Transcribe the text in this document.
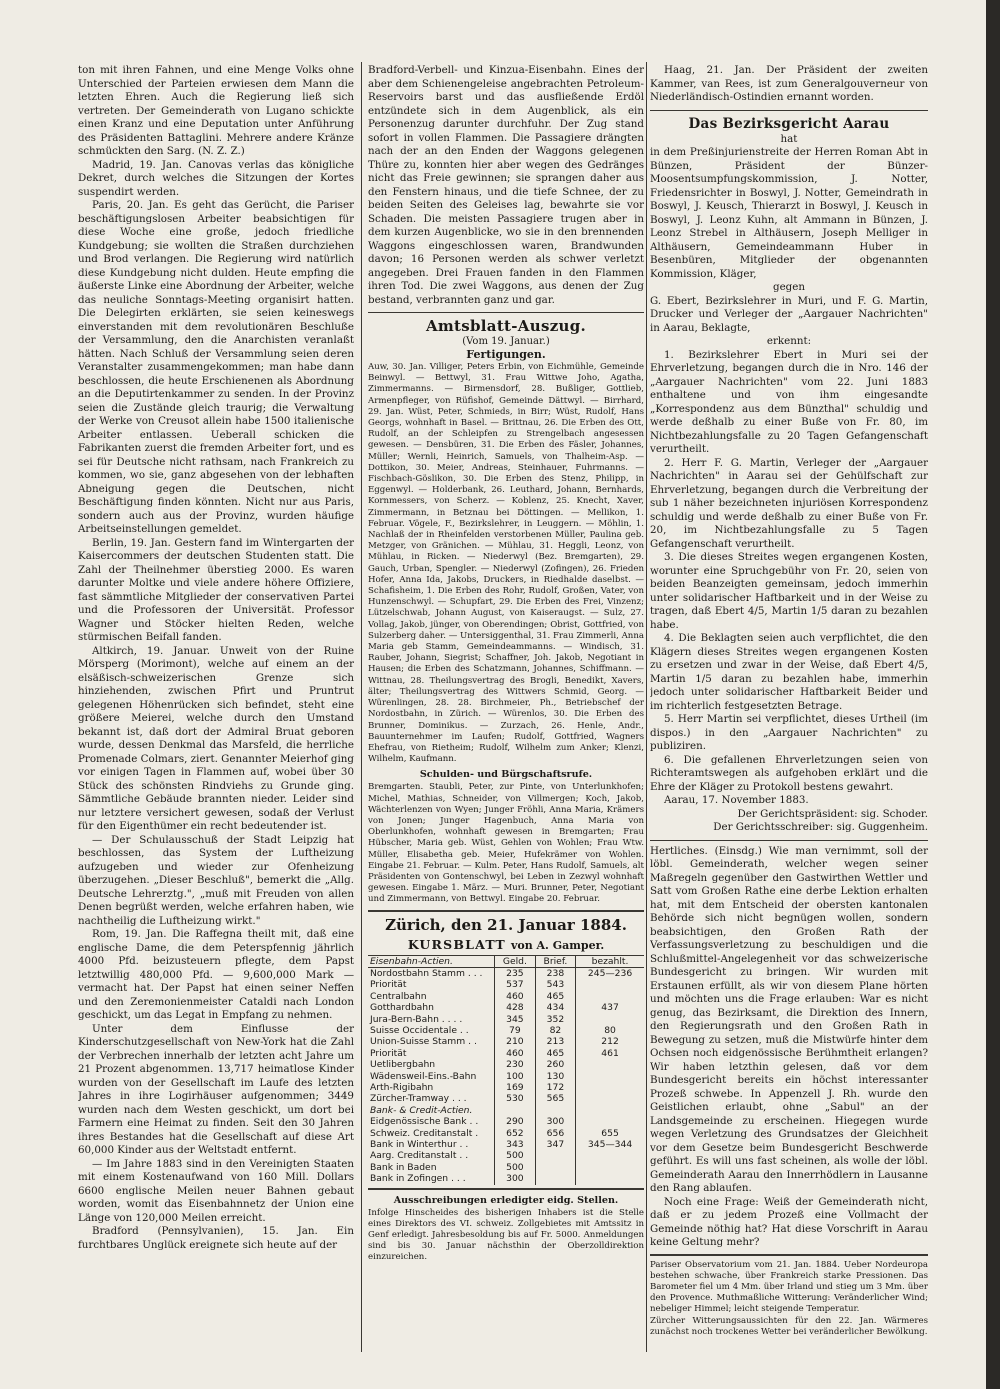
ton mit ihren Fahnen, und eine Menge Volks ohne Unterschied der Parteien erwiesen dem Mann die letzten Ehren. Auch die Regierung ließ sich vertreten. Der Gemeinderath von Lugano schickte einen Kranz und eine Deputation unter Anführung des Präsidenten Battaglini. Mehrere andere Kränze schmückten den Sarg. (N. Z. Z.)

Madrid, 19. Jan. Canovas verlas das königliche Dekret, durch welches die Sitzungen der Kortes suspendirt werden.

Paris, 20. Jan. Es geht das Gerücht, die Pariser beschäftigungslosen Arbeiter beabsichtigen für diese Woche eine große, jedoch friedliche Kundgebung; sie wollten die Straßen durchziehen und Brod verlangen. Die Regierung wird natürlich diese Kundgebung nicht dulden. Heute empfing die äußerste Linke eine Abordnung der Arbeiter, welche das neuliche Sonntags-Meeting organisirt hatten. Die Delegirten erklärten, sie seien keineswegs einverstanden mit dem revolutionären Beschluße der Versammlung, den die Anarchisten veranlaßt hätten. Nach Schluß der Versammlung seien deren Veranstalter zusammengekommen; man habe dann beschlossen, die heute Erschienenen als Abordnung an die Deputirtenkammer zu senden. In der Provinz seien die Zustände gleich traurig; die Verwaltung der Werke von Creusot allein habe 1500 italienische Arbeiter entlassen. Ueberall schicken die Fabrikanten zuerst die fremden Arbeiter fort, und es sei für Deutsche nicht rathsam, nach Frankreich zu kommen, wo sie, ganz abgesehen von der lebhaften Abneigung gegen die Deutschen, nicht Beschäftigung finden könnten. Nicht nur aus Paris, sondern auch aus der Provinz, wurden häufige Arbeitseinstellungen gemeldet.

Berlin, 19. Jan. Gestern fand im Wintergarten der Kaisercommers der deutschen Studenten statt. Die Zahl der Theilnehmer überstieg 2000. Es waren darunter Moltke und viele andere höhere Offiziere, fast sämmtliche Mitglieder der conservativen Partei und die Professoren der Universität. Professor Wagner und Stöcker hielten Reden, welche stürmischen Beifall fanden.

Altkirch, 19. Januar. Unweit von der Ruine Mörsperg (Morimont), welche auf einem an der elsäßisch-schweizerischen Grenze sich hinziehenden, zwischen Pfirt und Pruntrut gelegenen Höhenrücken sich befindet, steht eine größere Meierei, welche durch den Umstand bekannt ist, daß dort der Admiral Bruat geboren wurde, dessen Denkmal das Marsfeld, die herrliche Promenade Colmars, ziert. Genannter Meierhof ging vor einigen Tagen in Flammen auf, wobei über 30 Stück des schönsten Rindviehs zu Grunde ging. Sämmtliche Gebäude brannten nieder. Leider sind nur letztere versichert gewesen, sodaß der Verlust für den Eigenthümer ein recht bedeutender ist.

— Der Schulausschuß der Stadt Leipzig hat beschlossen, das System der Luftheizung aufzugeben und wieder zur Ofenheizung überzugehen. „Dieser Beschluß", bemerkt die „Allg. Deutsche Lehrerztg.", „muß mit Freuden von allen Denen begrüßt werden, welche erfahren haben, wie nachtheilig die Luftheizung wirkt."

Rom, 19. Jan. Die Raffegna theilt mit, daß eine englische Dame, die dem Peterspfennig jährlich 4000 Pfd. beizusteuern pflegte, dem Papst letztwillig 480,000 Pfd. — 9,600,000 Mark — vermacht hat. Der Papst hat einen seiner Neffen und den Zeremonienmeister Cataldi nach London geschickt, um das Legat in Empfang zu nehmen.

Unter dem Einflusse der Kinderschutzgesellschaft von New-York hat die Zahl der Verbrechen innerhalb der letzten acht Jahre um 21 Prozent abgenommen. 13,717 heimatlose Kinder wurden von der Gesellschaft im Laufe des letzten Jahres in ihre Logirhäuser aufgenommen; 3449 wurden nach dem Westen geschickt, um dort bei Farmern eine Heimat zu finden. Seit den 30 Jahren ihres Bestandes hat die Gesellschaft auf diese Art 60,000 Kinder aus der Weltstadt entfernt.

— Im Jahre 1883 sind in den Vereinigten Staaten mit einem Kostenaufwand von 160 Mill. Dollars 6600 englische Meilen neuer Bahnen gebaut worden, womit das Eisenbahnnetz der Union eine Länge von 120,000 Meilen erreicht.

Bradford (Pennsylvanien), 15. Jan. Ein furchtbares Unglück ereignete sich heute auf der

Bradford-Verbell- und Kinzua-Eisenbahn. Eines der aber dem Schienengeleise angebrachten Petroleum-Reservoirs barst und das ausfließende Erdöl entzündete sich in dem Augenblick, als ein Personenzug darunter durchfuhr. Der Zug stand sofort in vollen Flammen. Die Passagiere drängten nach der an den Enden der Waggons gelegenen Thüre zu, konnten hier aber wegen des Gedränges nicht das Freie gewinnen; sie sprangen daher aus den Fenstern hinaus, und die tiefe Schnee, der zu beiden Seiten des Geleises lag, bewahrte sie vor Schaden. Die meisten Passagiere trugen aber in dem kurzen Augenblicke, wo sie in den brennenden Waggons eingeschlossen waren, Brandwunden davon; 16 Personen werden als schwer verletzt angegeben. Drei Frauen fanden in den Flammen ihren Tod. Die zwei Waggons, aus denen der Zug bestand, verbrannten ganz und gar.

Amtsblatt-Auszug.
(Vom 19. Januar.)
Fertigungen.

Auw, 30. Jan. Villiger, Peters Erbin, von Eichmühle, Gemeinde Beinwyl. — Bettwyl, 31. Frau Wittwe Joho, Agatha, Zimmermanns. — Birmensdorf, 28. Bußliger, Gottlieb, Armenpfleger, von Rüfishof, Gemeinde Dättwyl. — Birrhard, 29. Jan. Wüst, Peter, Schmieds, in Birr; Wüst, Rudolf, Hans Georgs, wohnhaft in Basel. — Brittnau, 26. Die Erben des Ott, Rudolf, an der Schleipfen zu Strengelbach angesessen gewesen. — Densbüren, 31. Die Erben des Fäsler, Johannes, Müller; Wernli, Heinrich, Samuels, von Thalheim-Asp. — Dottikon, 30. Meier, Andreas, Steinhauer, Fuhrmanns. — Fischbach-Göslikon, 30. Die Erben des Stenz, Philipp, in Eggenwyl. — Holderbank, 26. Leuthard, Johann, Bernhards, Kornmessers, von Scherz. — Koblenz, 25. Knecht, Xaver, Zimmermann, in Betznau bei Döttingen. — Mellikon, 1. Februar. Vögele, F., Bezirkslehrer, in Leuggern. — Möhlin, 1. Nachlaß der in Rheinfelden verstorbenen Müller, Paulina geb. Metzger, von Gränichen. — Mühlau, 31. Heggli, Leonz, von Mühlau, in Ricken. — Niederwyl (Bez. Bremgarten), 29. Gauch, Urban, Spengler. — Niederwyl (Zofingen), 26. Frieden Hofer, Anna Ida, Jakobs, Druckers, in Riedhalde daselbst. — Schafisheim, 1. Die Erben des Rohr, Rudolf, Großen, Vater, von Hunzenschwyl. — Schupfart, 29. Die Erben des Frei, Vinzenz; Lützelschwab, Johann August, von Kaiseraugst. — Sulz, 27. Vollag, Jakob, jünger, von Oberendingen; Obrist, Gottfried, von Sulzerberg daher. — Untersiggenthal, 31. Frau Zimmerli, Anna Maria geb Stamm, Gemeindeammanns. — Windisch, 31. Rauber, Johann, Siegrist; Schaffner, Joh. Jakob, Negotiant in Hausen; die Erben des Schatzmann, Johannes, Schiffmann. — Wittnau, 28. Theilungsvertrag des Brogli, Benedikt, Xavers, älter; Theilungsvertrag des Wittwers Schmid, Georg. — Würenlingen, 28. 28. Birchmeier, Ph., Betriebschef der Nordostbahn, in Zürich. — Würenlos, 30. Die Erben des Brunner, Dominikus. — Zurzach, 26. Henle, Andr., Bauunternehmer im Laufen; Rudolf, Gottfried, Wagners Ehefrau, von Rietheim; Rudolf, Wilhelm zum Anker; Klenzi, Wilhelm, Kaufmann.

Schulden- und Bürgschaftsrufe.

Bremgarten. Staubli, Peter, zur Pinte, von Unterlunkhofen; Michel, Mathias, Schneider, von Villmergen; Koch, Jakob, Wächterlenzen von Wyen; Junger Fröhli, Anna Maria, Krämers von Jonen; Junger Hagenbuch, Anna Maria von Oberlunkhofen, wohnhaft gewesen in Bremgarten; Frau Hübscher, Maria geb. Wüst, Gehlen von Wohlen; Frau Wtw. Müller, Elisabetha geb. Meier, Hufekrämer von Wohlen. Eingabe 21. Februar. — Kulm. Peter, Hans Rudolf, Samuels, alt Präsidenten von Gontenschwyl, bei Leben in Zezwyl wohnhaft gewesen. Eingabe 1. März. — Muri. Brunner, Peter, Negotiant und Zimmermann, von Bettwyl. Eingabe 20. Februar.

Zürich, den 21. Januar 1884.
KURSBLATT von A. Gamper.
Eisenbahn-Actien.	Geld.	Brief.	bezahlt.
Nordostbahn Stamm . . .	235	238	245—236
Priorität	537	543	
Centralbahn	460	465	
Gotthardbahn	428	434	437
Jura-Bern-Bahn . . . .	345	352	
Suisse Occidentale . .	79	82	80
Union-Suisse Stamm . .	210	213	212
Priorität	460	465	461
Uetlibergbahn	230	260	
Wädensweil-Eins.-Bahn	100	130	
Arth-Rigibahn	169	172	
Zürcher-Tramway . . .	530	565	
Bank- & Credit-Actien.			
Eidgenössische Bank . .	290	300	
Schweiz. Creditanstalt .	652	656	655
Bank in Winterthur . .	343	347	345—344
Aarg. Creditanstalt . .	500		
Bank in Baden	500		
Bank in Zofingen . . .	300		
Ausschreibungen erledigter eidg. Stellen.

Infolge Hinscheides des bisherigen Inhabers ist die Stelle eines Direktors des VI. schweiz. Zollgebietes mit Amtssitz in Genf erledigt. Jahresbesoldung bis auf Fr. 5000. Anmeldungen sind bis 30. Januar nächsthin der Oberzolldirektion einzureichen.

Haag, 21. Jan. Der Präsident der zweiten Kammer, van Rees, ist zum Generalgouverneur von Niederländisch-Ostindien ernannt worden.

Das Bezirksgericht Aarau
hat

in dem Preßinjurienstreite der Herren Roman Abt in Bünzen, Präsident der Bünzer-Moosentsumpfungskommission, J. Notter, Friedensrichter in Boswyl, J. Notter, Gemeindrath in Boswyl, J. Keusch, Thierarzt in Boswyl, J. Keusch in Boswyl, J. Leonz Kuhn, alt Ammann in Bünzen, J. Leonz Strebel in Althäusern, Joseph Melliger in Althäusern, Gemeindeammann Huber in Besenbüren, Mitglieder der obgenannten Kommission, Kläger,

gegen

G. Ebert, Bezirkslehrer in Muri, und F. G. Martin, Drucker und Verleger der „Aargauer Nachrichten" in Aarau, Beklagte,

erkennt:

1. Bezirkslehrer Ebert in Muri sei der Ehrverletzung, begangen durch die in Nro. 146 der „Aargauer Nachrichten" vom 22. Juni 1883 enthaltene und von ihm eingesandte „Korrespondenz aus dem Bünzthal" schuldig und werde deßhalb zu einer Buße von Fr. 80, im Nichtbezahlungsfalle zu 20 Tagen Gefangenschaft verurtheilt.

2. Herr F. G. Martin, Verleger der „Aargauer Nachrichten" in Aarau sei der Gehülfschaft zur Ehrverletzung, begangen durch die Verbreitung der sub 1 näher bezeichneten injuriösen Korrespondenz schuldig und werde deßhalb zu einer Buße von Fr. 20, im Nichtbezahlungsfalle zu 5 Tagen Gefangenschaft verurtheilt.

3. Die dieses Streites wegen ergangenen Kosten, worunter eine Spruchgebühr von Fr. 20, seien von beiden Beanzeigten gemeinsam, jedoch immerhin unter solidarischer Haftbarkeit und in der Weise zu tragen, daß Ebert 4/5, Martin 1/5 daran zu bezahlen habe.

4. Die Beklagten seien auch verpflichtet, die den Klägern dieses Streites wegen ergangenen Kosten zu ersetzen und zwar in der Weise, daß Ebert 4/5, Martin 1/5 daran zu bezahlen habe, immerhin jedoch unter solidarischer Haftbarkeit Beider und im richterlich festgesetzten Betrage.

5. Herr Martin sei verpflichtet, dieses Urtheil (im dispos.) in den „Aargauer Nachrichten" zu publiziren.

6. Die gefallenen Ehrverletzungen seien von Richteramtswegen als aufgehoben erklärt und die Ehre der Kläger zu Protokoll bestens gewahrt.

Aarau, 17. November 1883.

Der Gerichtspräsident: sig. Schoder.
Der Gerichtsschreiber: sig. Guggenheim.

Hertliches. (Einsdg.) Wie man vernimmt, soll der löbl. Gemeinderath, welcher wegen seiner Maßregeln gegenüber den Gastwirthen Wettler und Satt vom Großen Rathe eine derbe Lektion erhalten hat, mit dem Entscheid der obersten kantonalen Behörde sich nicht begnügen wollen, sondern beabsichtigen, den Großen Rath der Verfassungsverletzung zu beschuldigen und die Schlußmittel-Angelegenheit vor das schweizerische Bundesgericht zu bringen. Wir wurden mit Erstaunen erfüllt, als wir von diesem Plane hörten und möchten uns die Frage erlauben: War es nicht genug, das Bezirksamt, die Direktion des Innern, den Regierungsrath und den Großen Rath in Bewegung zu setzen, muß die Mistwürfe hinter dem Ochsen noch eidgenössische Berühmtheit erlangen? Wir haben letzthin gelesen, daß vor dem Bundesgericht bereits ein höchst interessanter Prozeß schwebe. In Appenzell J. Rh. wurde den Geistlichen erlaubt, ohne „Sabul" an der Landsgemeinde zu erscheinen. Hiegegen wurde wegen Verletzung des Grundsatzes der Gleichheit vor dem Gesetze beim Bundesgericht Beschwerde geführt. Es will uns fast scheinen, als wolle der löbl. Gemeinderath Aarau den Innerrhödlern in Lausanne den Rang ablaufen.

Noch eine Frage: Weiß der Gemeinderath nicht, daß er zu jedem Prozeß eine Vollmacht der Gemeinde nöthig hat? Hat diese Vorschrift in Aarau keine Geltung mehr?

Pariser Observatorium vom 21. Jan. 1884. Ueber Nordeuropa bestehen schwache, über Frankreich starke Pressionen. Das Barometer fiel um 4 Mm. über Irland und stieg um 3 Mm. über den Provence. Muthmaßliche Witterung: Veränderlicher Wind; nebeliger Himmel; leicht steigende Temperatur.

Zürcher Witterungsaussichten für den 22. Jan. Wärmeres zunächst noch trockenes Wetter bei veränderlicher Bewölkung.
